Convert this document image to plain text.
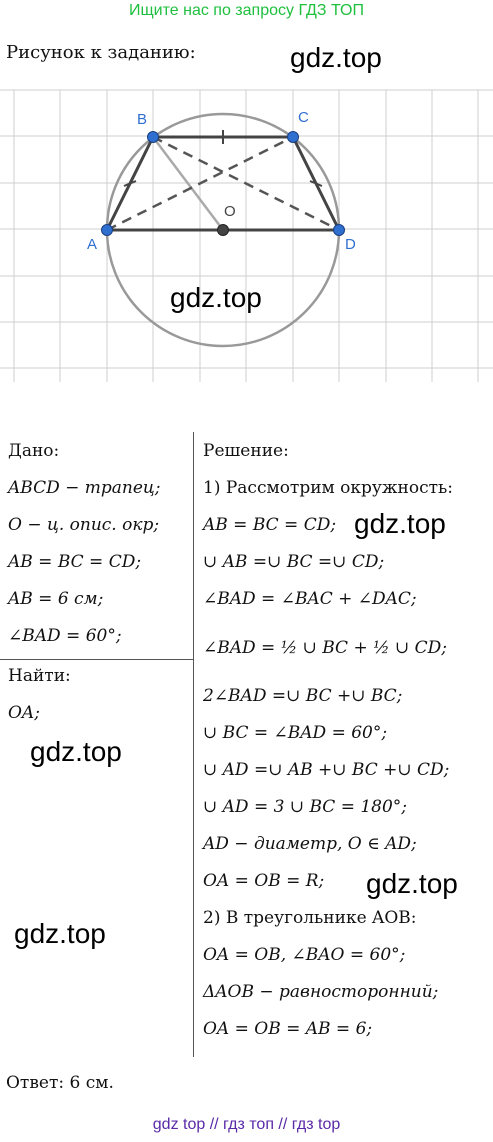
Ищите нас по запросу ГДЗ ТОП
Рисунок к заданию:	gdz.top
A
B	C
D
O
gdz.top
Дано:
ABCD − трапец;
O − ц. опис. окр;
AB = BC = CD;
AB = 6 см;
∠BAD = 60°;
Найти:
OA;
gdz.top
gdz.top
Решение:
1) Рассмотрим окружность:
AB = BC = CD; gdz.top
∪ AB =∪ BC =∪ CD;
∠BAD = ∠BAC + ∠DAC;
∠BAD = ½ ∪ BC + ½ ∪ CD;
2∠BAD =∪ BC +∪ BC;
∪ BC = ∠BAD = 60°;
∪ AD =∪ AB +∪ BC +∪ CD;
∪ AD = 3 ∪ BC = 180°;
AD − диаметр, O ∈ AD;
OA = OB = R; gdz.top
2) В треугольнике AOB:
OA = OB, ∠BAO = 60°;
ΔAOB − равносторонний;
OA = OB = AB = 6;
Ответ: 6 см.
gdz top // гдз топ // гдз top
